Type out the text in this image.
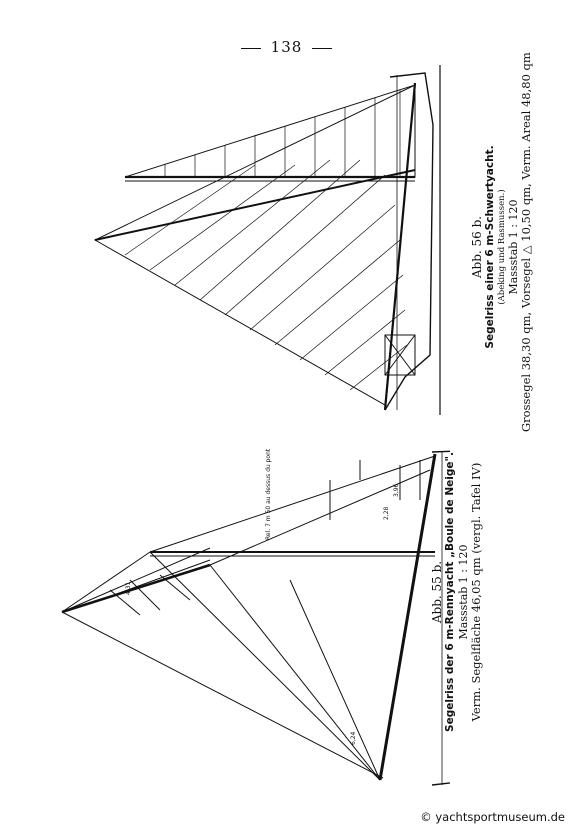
138
Rel. 7 m 50 au dessus du pont	3,96
2,28
6,24
4,31	Abb. 55 b. Segelriss der 6 m-Rennyacht „Boule de Neige". Massstab 1 : 120 Verm. Segelfläche 46,05 qm (vergl. Tafel IV)
Abb. 56 b. Segelriss einer 6 m-Schwertyacht. (Abeking und Rasmussen.) Massstab 1 : 120 Grossegel 38,30 qm, Vorsegel △ 10,50 qm, Verm. Areal 48,80 qm
© yachtsportmuseum.de
